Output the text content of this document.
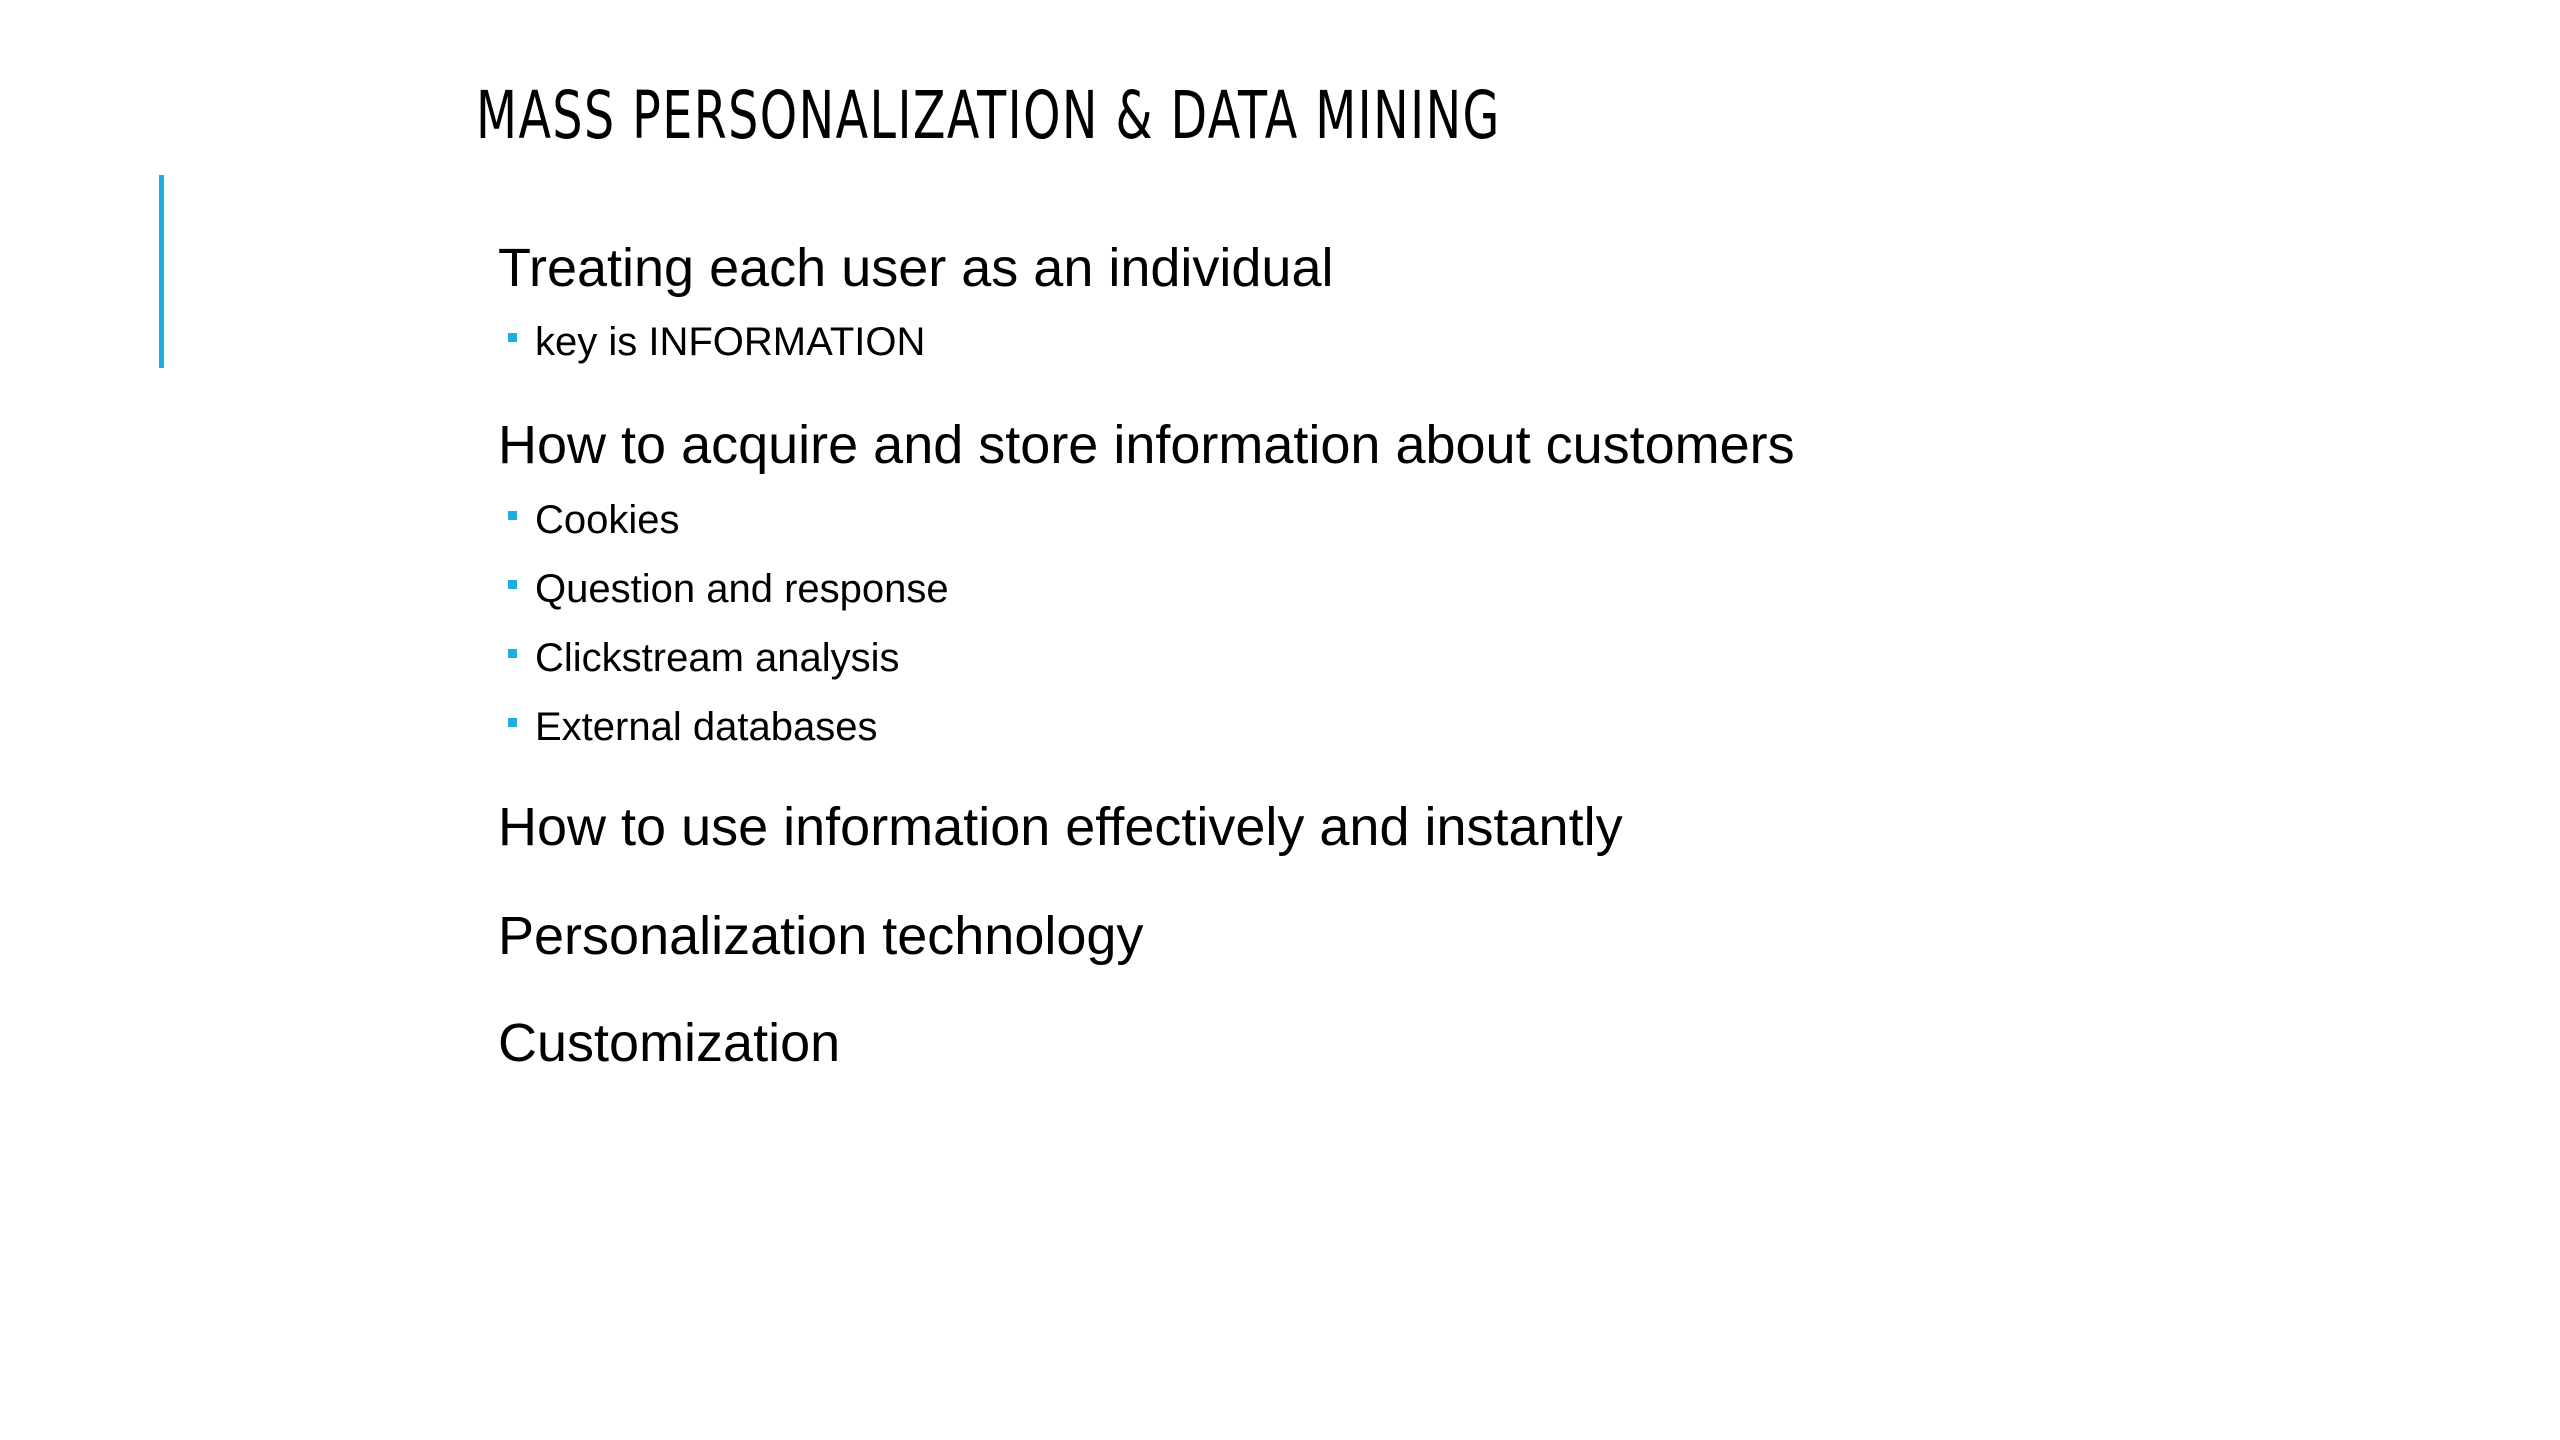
MASS PERSONALIZATION & DATA MINING
Treating each user as an individual
key is INFORMATION
How to acquire and store information about customers
Cookies
Question and response
Clickstream analysis
External databases
How to use information effectively and instantly
Personalization technology
Customization
